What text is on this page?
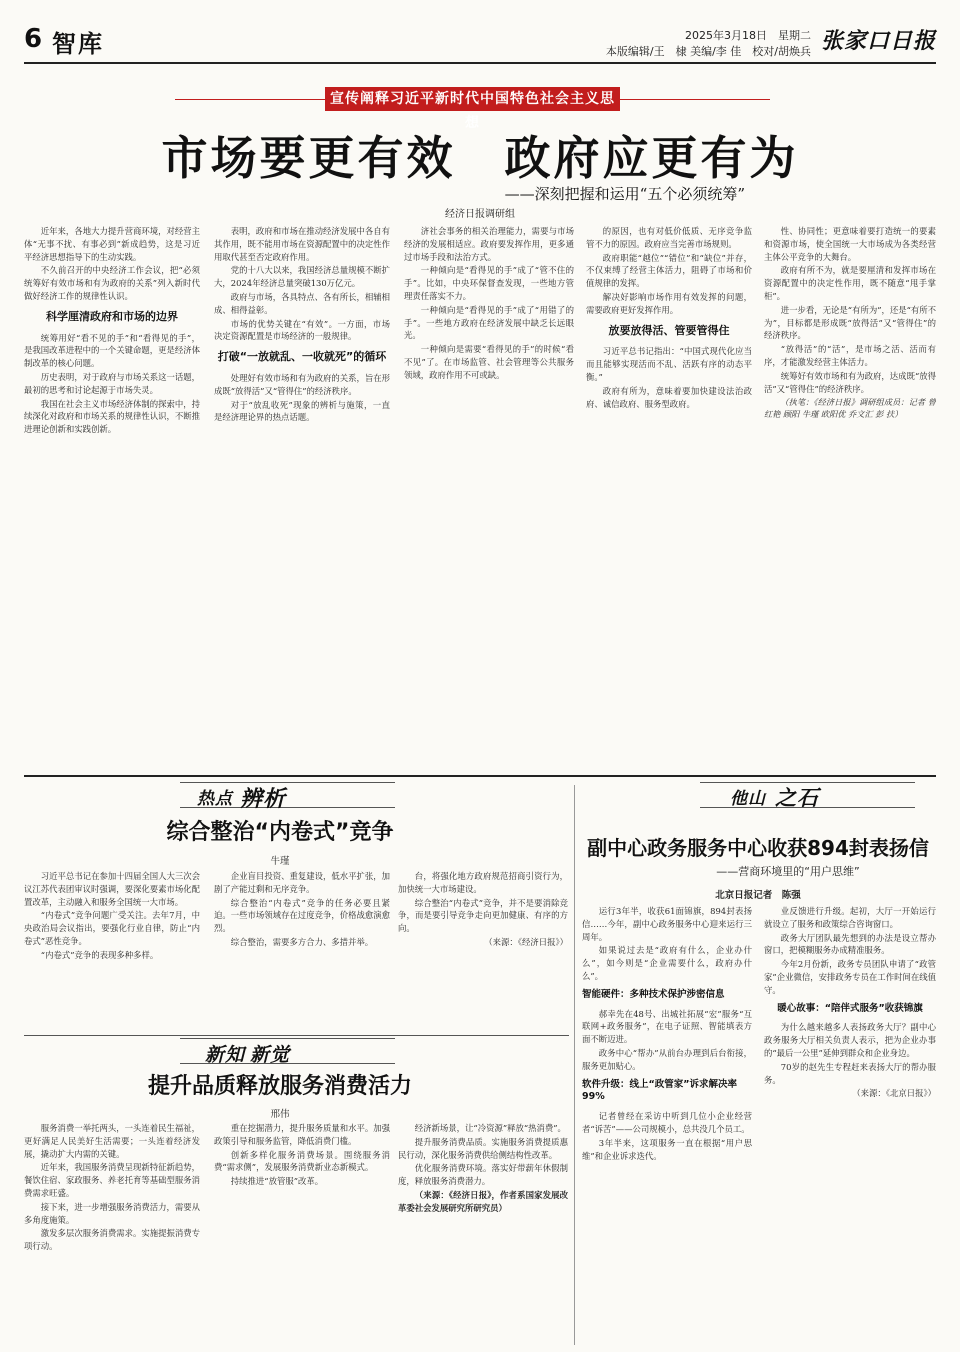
6 智库	2025年3月18日　星期二
本版编辑/王　棣 美编/李 佳　校对/胡焕兵 张家口日报
宣传阐释习近平新时代中国特色社会主义思想
市场要更有效　政府应更有为
——深刻把握和运用“五个必须统筹”
经济日报调研组

近年来，各地大力提升营商环境，对经营主体“无事不扰、有事必到”新成趋势，这是习近平经济思想指导下的生动实践。

不久前召开的中央经济工作会议，把“必须统筹好有效市场和有为政府的关系”列入新时代做好经济工作的规律性认识。

科学厘清政府和市场的边界

统筹用好“看不见的手”和“看得见的手”，是我国改革进程中的一个关键命题，更是经济体制改革的核心问题。

历史表明，对于政府与市场关系这一话题，最初的思考和讨论起源于市场失灵。

我国在社会主义市场经济体制的探索中，持续深化对政府和市场关系的规律性认识，不断推进理论创新和实践创新。

表明，政府和市场在推动经济发展中各自有其作用，既不能用市场在资源配置中的决定性作用取代甚至否定政府作用。

党的十八大以来，我国经济总量规模不断扩大，2024年经济总量突破130万亿元。

政府与市场，各具特点、各有所长，相辅相成、相得益彰。

市场的优势关键在“有效”。一方面，市场决定资源配置是市场经济的一般规律。

打破“一放就乱、一收就死”的循环

处理好有效市场和有为政府的关系，旨在形成既“放得活”又“管得住”的经济秩序。

对于“放乱收死”现象的辨析与施策，一直是经济理论界的热点话题。

济社会事务的相关治理能力，需要与市场经济的发展相适应。政府要发挥作用，更多通过市场手段和法治方式。

一种倾向是“看得见的手”成了“管不住的手”。比如，中央环保督查发现，一些地方管理责任落实不力。

一种倾向是“看得见的手”成了“用错了的手”。一些地方政府在经济发展中缺乏长远眼光。

一种倾向是需要“看得见的手”的时候“看不见”了。在市场监管、社会管理等公共服务领域，政府作用不可或缺。

的原因，也有对低价低质、无序竞争监管不力的原因。政府应当完善市场规则。

政府职能“越位”“错位”和“缺位”并存，不仅束缚了经营主体活力，阻碍了市场和价值规律的发挥。

解决好影响市场作用有效发挥的问题，需要政府更好发挥作用。

放要放得活、管要管得住

习近平总书记指出：“中国式现代化应当而且能够实现活而不乱、活跃有序的动态平衡。”

政府有所为，意味着要加快建设法治政府、诚信政府、服务型政府。

性、协同性；更意味着要打造统一的要素和资源市场，使全国统一大市场成为各类经营主体公平竞争的大舞台。

政府有所不为，就是要厘清和发挥市场在资源配置中的决定性作用，既不随意“甩手掌柜”。

进一步看，无论是“有所为”，还是“有所不为”，目标都是形成既“放得活”又“管得住”的经济秩序。

“放得活”的“活”，是市场之活、活而有序，才能激发经营主体活力。

统筹好有效市场和有为政府，达成既“放得活”又“管得住”的经济秩序。

（执笔：《经济日报》调研组成员：记者 曾红艳 顾阳 牛瑾 欧阳优 乔文汇 彭 扶）

热点 辨析
综合整治“内卷式”竞争
牛瑾

习近平总书记在参加十四届全国人大三次会议江苏代表团审议时强调，要深化要素市场化配置改革，主动融入和服务全国统一大市场。

“内卷式”竞争问题广受关注。去年7月，中央政治局会议指出，要强化行业自律，防止“内卷式”恶性竞争。

“内卷式”竞争的表现多种多样。

企业盲目投资、重复建设，低水平扩张，加剧了产能过剩和无序竞争。

综合整治“内卷式”竞争的任务必要且紧迫。一些市场领域存在过度竞争，价格战愈演愈烈。

综合整治，需要多方合力、多措并举。

台，将强化地方政府规范招商引资行为，加快统一大市场建设。

综合整治“内卷式”竞争，并不是要消除竞争，而是要引导竞争走向更加健康、有序的方向。

（来源：《经济日报》）

新知 新觉
提升品质释放服务消费活力
邢伟

服务消费一举托两头，一头连着民生福祉，更好满足人民美好生活需要；一头连着经济发展，撬动扩大内需的关键。

近年来，我国服务消费呈现新特征新趋势，餐饮住宿、家政服务、养老托育等基础型服务消费需求旺盛。

接下来，进一步增强服务消费活力，需要从多角度施策。

激发多层次服务消费需求。实施提振消费专项行动。

重在挖掘潜力，提升服务质量和水平。加强政策引导和服务监管，降低消费门槛。

创新多样化服务消费场景。围绕服务消费“需求侧”，发展服务消费新业态新模式。

持续推进“放管服”改革。

经济新场景，让“冷资源”释放“热消费”。

提升服务消费品质。实施服务消费提质惠民行动，深化服务消费供给侧结构性改革。

优化服务消费环境。落实好带薪年休假制度，释放服务消费潜力。

（来源：《经济日报》，作者系国家发展改革委社会发展研究所研究员）

他山 之石
副中心政务服务中心收获894封表扬信
——营商环境里的“用户思维”
北京日报记者　陈强

运行3年半，收获61面锦旗，894封表扬信……今年，副中心政务服务中心迎来运行三周年。

如果说过去是“政府有什么，企业办什么”，如今则是“企业需要什么，政府办什么”。

智能硬件：多种技术保护涉密信息

郝幸先在48号、出城社拓展“宏”服务“互联网+政务服务”，在电子证照、智能填表方面不断迈进。

政务中心“帮办”从前台办理到后台衔接，服务更加贴心。

软件升级：线上“政管家”诉求解决率99%

记者曾经在采访中听到几位小企业经营者“诉苦”——公司规模小，总共没几个员工。

3年半来，这项服务一直在根据“用户思维”和企业诉求迭代。

业反馈进行升级。起初，大厅一开始运行就设立了服务和政策综合咨询窗口。

政务大厅团队最先想到的办法是设立帮办窗口，把模糊服务办成精准服务。

今年2月份新，政务专员团队申请了“政管家”企业微信，安排政务专员在工作时间在线值守。

暖心故事：“陪伴式服务”收获锦旗

为什么越来越多人表扬政务大厅？副中心政务服务大厅相关负责人表示，把为企业办事的“最后一公里”延伸到群众和企业身边。

70岁的赵先生专程赶来表扬大厅的帮办服务。

（来源：《北京日报》）
